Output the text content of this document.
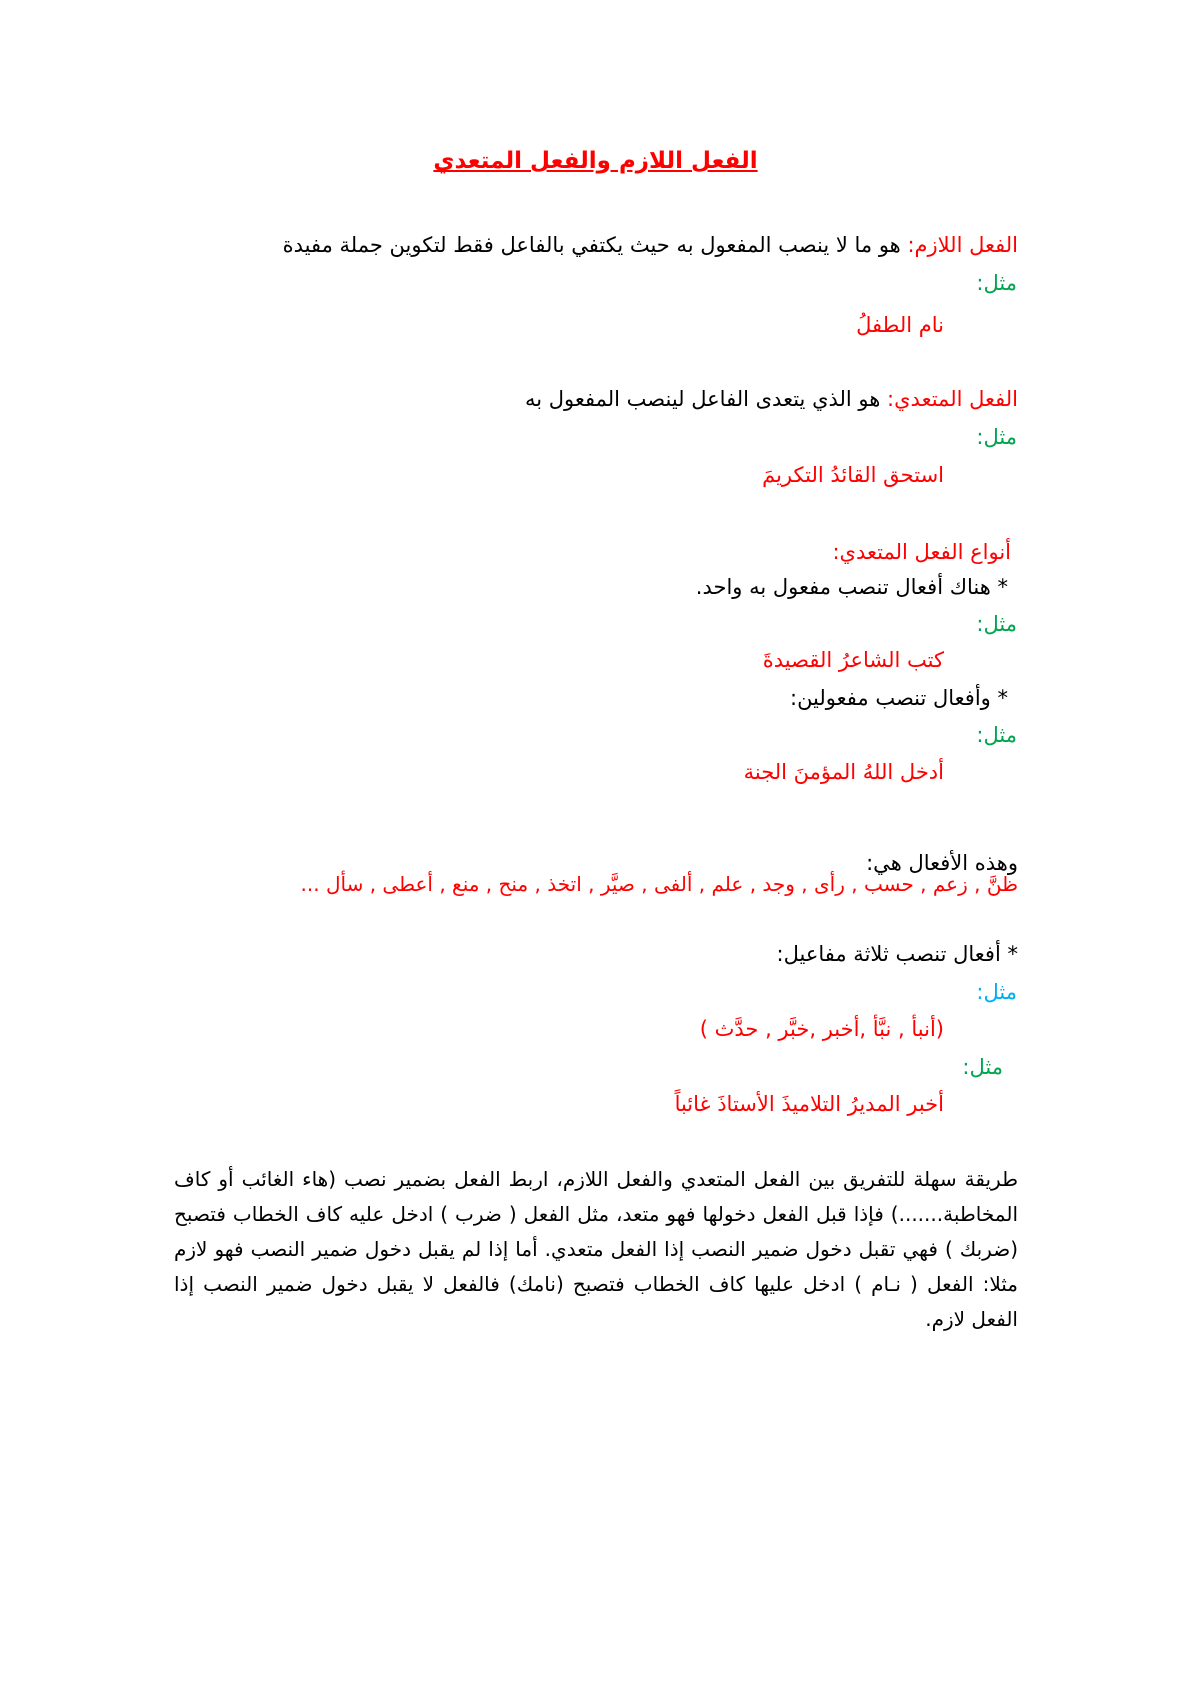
الفعل اللازم والفعل المتعدي
الفعل اللازم: هو ما لا ينصب المفعول به حيث يكتفي بالفاعل فقط لتكوين جملة مفيدة
مثل:
نام الطفلُ
الفعل المتعدي: هو الذي يتعدى الفاعل لينصب المفعول به
مثل:
استحق القائدُ التكريمَ
أنواع الفعل المتعدي:
* هناك أفعال تنصب مفعول به واحد.
مثل:
كتب الشاعرُ القصيدةَ
* وأفعال تنصب مفعولين:
مثل:
أدخل اللهُ المؤمنَ الجنة
وهذه الأفعال هي:
ظنَّ , زعم , حسب , رأى , وجد , علم , ألفى , صيَّر , اتخذ , منح , منع , أعطى , سأل ...
* أفعال تنصب ثلاثة مفاعيل:
مثل:
(أنبأ , نبَّأ ,أخبر ,خبَّر , حدَّث )
مثل:
أخبر المديرُ التلاميذَ الأستاذَ غائباً
طريقة سهلة للتفريق بين الفعل المتعدي والفعل اللازم، اربط الفعل بضمير نصب (هاء الغائب أو كاف المخاطبة.......) فإذا قبل الفعل دخولها فهو متعد، مثل الفعل ( ضرب ) ادخل عليه كاف الخطاب فتصبح (ضربك ) فهي تقبل دخول ضمير النصب إذا الفعل متعدي. أما إذا لم يقبل دخول ضمير النصب فهو لازم مثلا: الفعل ( نـام ) ادخل عليها كاف الخطاب فتصبح (نامك) فالفعل لا يقبل دخول ضمير النصب إذا الفعل لازم.
